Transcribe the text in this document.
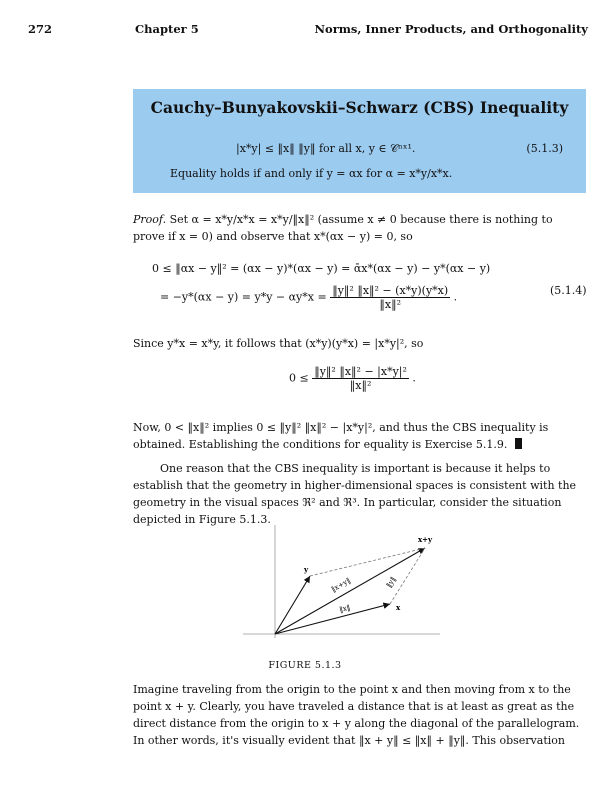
272	Chapter 5	Norms, Inner Products, and Orthogonality
Cauchy–Bunyakovskii–Schwarz (CBS) Inequality
|x*y| ≤ ‖x‖ ‖y‖ for all x, y ∈ 𝒞ⁿˣ¹.	(5.1.3)
Equality holds if and only if y = αx for α = x*y/x*x.

Proof. Set α = x*y/x*x = x*y/‖x‖² (assume x ≠ 0 because there is nothing to prove if x = 0) and observe that x*(αx − y) = 0, so

0 ≤ ‖αx − y‖² = (αx − y)*(αx − y) = ᾱx*(αx − y) − y*(αx − y)
= $-y*(\alpha x - y) = y*y - \alpha y*x = \frac{\text{‖y‖² ‖x‖² − (x*y)(y*x)}}{\text{‖x‖²}}$ .	(5.1.4)

Since y*x = x*y, it follows that (x*y)(y*x) = |x*y|², so

$0 \le \frac{\text{‖y‖² ‖x‖² − |x*y|²}}{\text{‖x‖²}}$ .

Now, 0 < ‖x‖² implies 0 ≤ ‖y‖² ‖x‖² − |x*y|², and thus the CBS inequality is obtained. Establishing the conditions for equality is Exercise 5.1.9.

One reason that the CBS inequality is important is because it helps to establish that the geometry in higher-dimensional spaces is consistent with the geometry in the visual spaces ℜ² and ℜ³. In particular, consider the situation depicted in Figure 5.1.3.

x+y
y
x
‖x‖
‖x+y‖	‖y‖
FIGURE 5.1.3

Imagine traveling from the origin to the point x and then moving from x to the point x + y. Clearly, you have traveled a distance that is at least as great as the direct distance from the origin to x + y along the diagonal of the parallelogram. In other words, it's visually evident that ‖x + y‖ ≤ ‖x‖ + ‖y‖. This observation
